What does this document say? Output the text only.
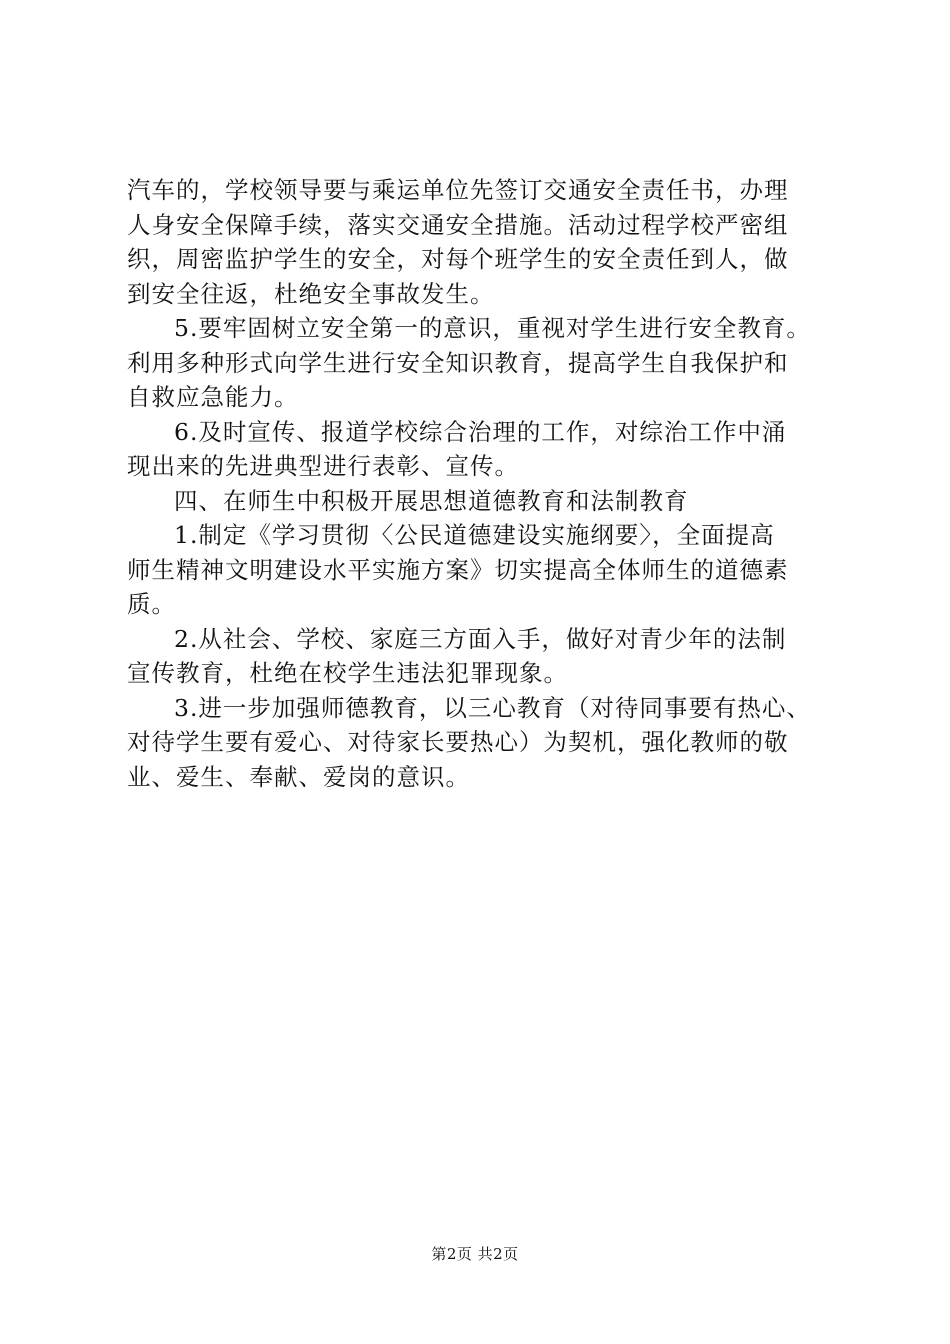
汽车的，学校领导要与乘运单位先签订交通安全责任书，办理
人身安全保障手续，落实交通安全措施。活动过程学校严密组
织，周密监护学生的安全，对每个班学生的安全责任到人，做
到安全往返，杜绝安全事故发生。
5.要牢固树立安全第一的意识，重视对学生进行安全教育。
利用多种形式向学生进行安全知识教育，提高学生自我保护和
自救应急能力。
6.及时宣传、报道学校综合治理的工作，对综治工作中涌
现出来的先进典型进行表彰、宣传。
四、在师生中积极开展思想道德教育和法制教育
1.制定《学习贯彻〈公民道德建设实施纲要〉，全面提高
师生精神文明建设水平实施方案》切实提高全体师生的道德素
质。
2.从社会、学校、家庭三方面入手，做好对青少年的法制
宣传教育，杜绝在校学生违法犯罪现象。
3.进一步加强师德教育，以三心教育（对待同事要有热心、
对待学生要有爱心、对待家长要热心）为契机，强化教师的敬
业、爱生、奉献、爱岗的意识。
第2页 共2页
